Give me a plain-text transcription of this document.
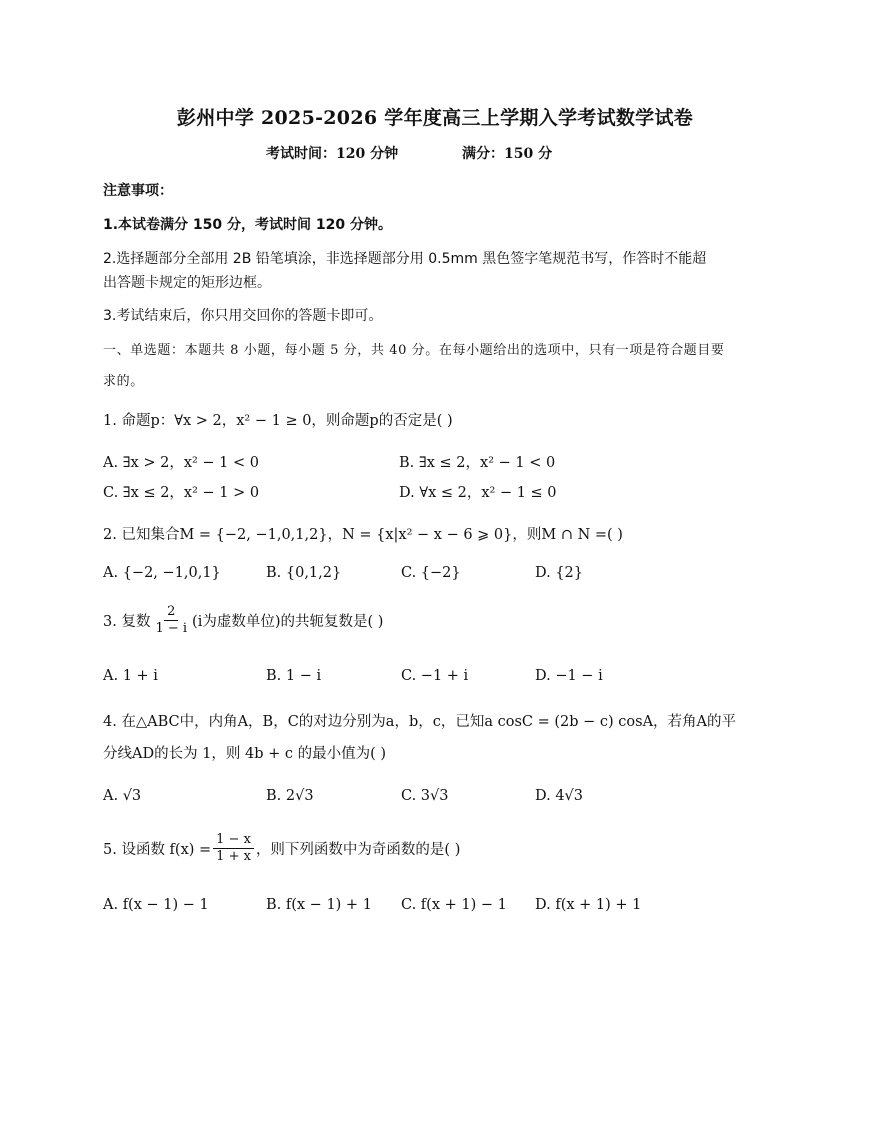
彭州中学 2025-2026 学年度高三上学期入学考试数学试卷
考试时间：120 分钟	满分：150 分
注意事项：
1.本试卷满分 150 分，考试时间 120 分钟。
2.选择题部分全部用 2B 铅笔填涂，非选择题部分用 0.5mm 黑色签字笔规范书写，作答时不能超
出答题卡规定的矩形边框。
3.考试结束后，你只用交回你的答题卡即可。
一、单选题：本题共 8 小题，每小题 5 分，共 40 分。在每小题给出的选项中，只有一项是符合题目要
求的。
1. 命题p：∀x > 2，x² − 1 ≥ 0，则命题p的否定是( )
A. ∃x > 2，x² − 1 < 0	B. ∃x ≤ 2，x² − 1 < 0
C. ∃x ≤ 2，x² − 1 > 0	D. ∀x ≤ 2，x² − 1 ≤ 0
2. 已知集合M = {−2, −1,0,1,2}，N = {x|x² − x − 6 ⩾ 0}，则M ∩ N =( )
A. {−2, −1,0,1}	B. {0,1,2}	C. {−2}	D. {2}
3. 复数 $\frac{2}{1 - i} (i$为虚数单位)的共轭复数是( )
A. 1 + i	B. 1 − i	C. −1 + i	D. −1 − i
4. 在△ABC中，内角A，B，C的对边分别为a，b，c，已知a cosC = (2b − c) cosA，若角A的平
分线AD的长为 1，则 4b + c 的最小值为( )
A. √3	B. 2√3	C. 3√3	D. 4√3
5. 设函数 $f(x) = \frac{1 - x}{1 + x}$ ，则下列函数中为奇函数的是( )
A. f(x − 1) − 1	B. f(x − 1) + 1 C. f(x + 1) − 1 D. f(x + 1) + 1
